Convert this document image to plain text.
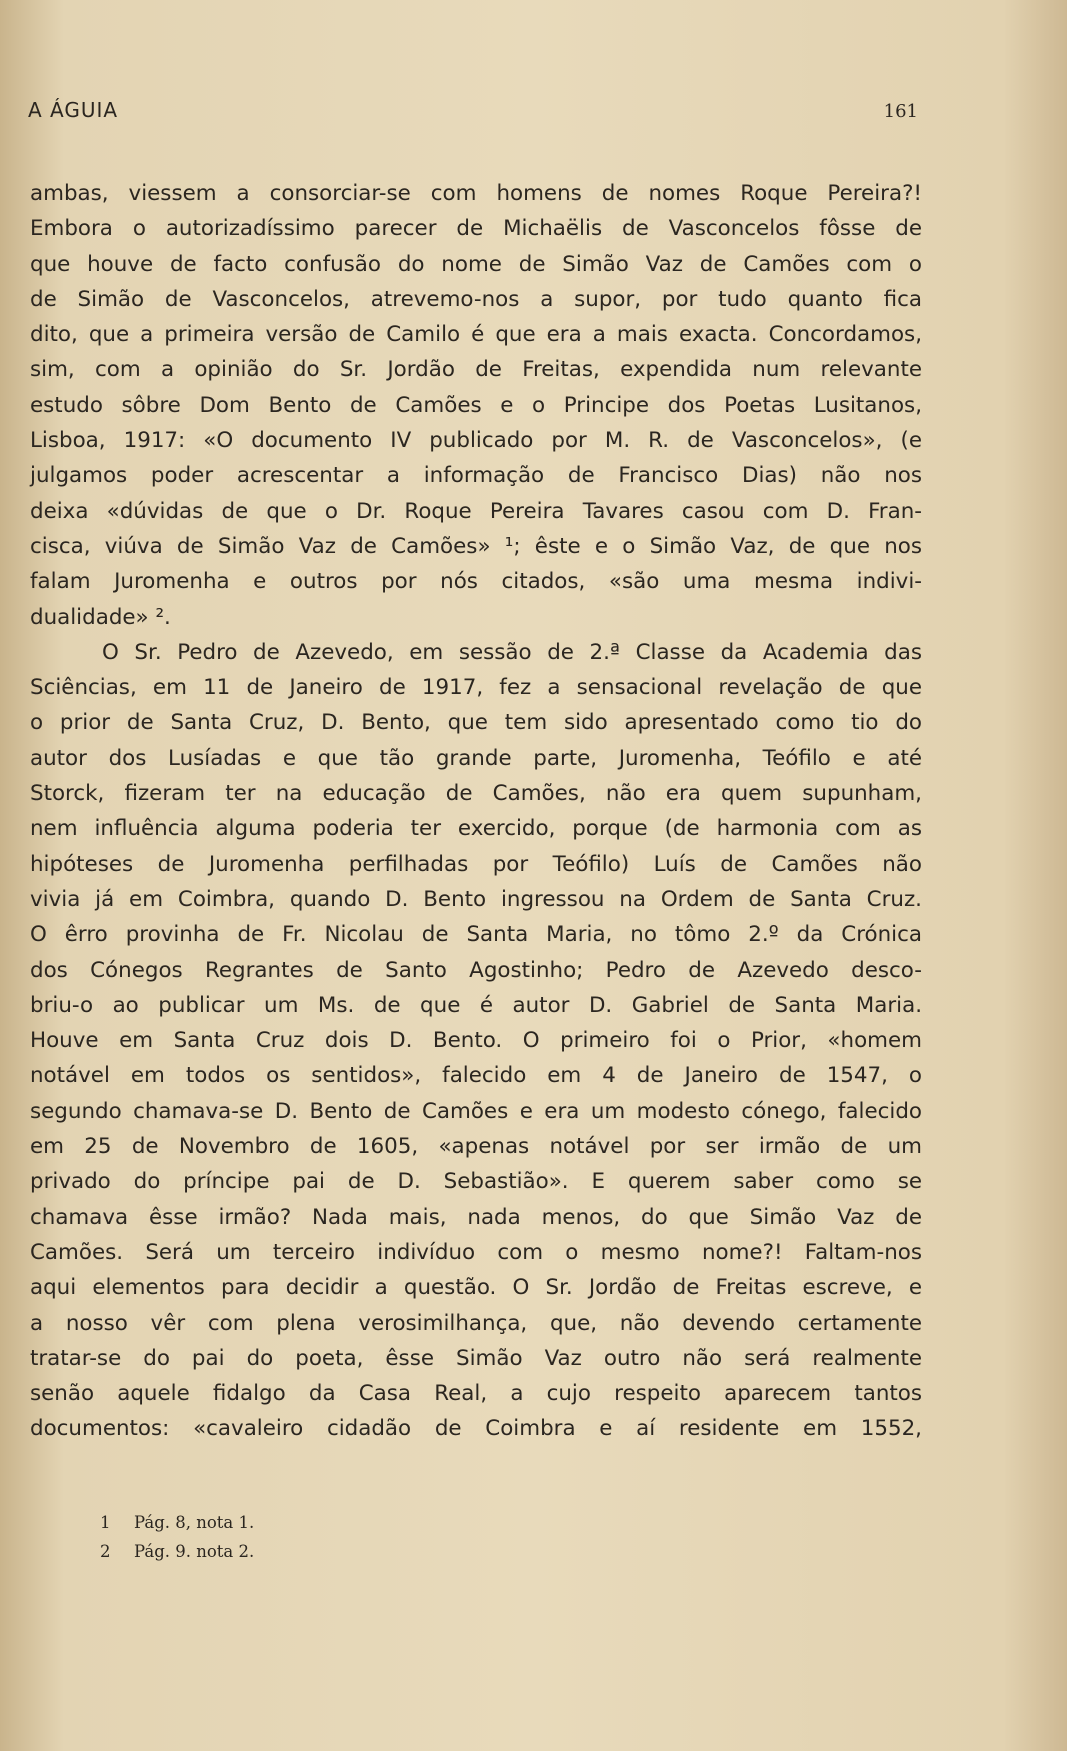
A ÁGUIA	161
ambas, viessem a consorciar-se com homens de nomes Roque Pereira?!
Embora o autorizadíssimo parecer de Michaëlis de Vasconcelos fôsse de
que houve de facto confusão do nome de Simão Vaz de Camões com o
de Simão de Vasconcelos, atrevemo-nos a supor, por tudo quanto fica
dito, que a primeira versão de Camilo é que era a mais exacta. Concordamos,
sim, com a opinião do Sr. Jordão de Freitas, expendida num relevante
estudo sôbre Dom Bento de Camões e o Principe dos Poetas Lusitanos,
Lisboa, 1917: «O documento IV publicado por M. R. de Vasconcelos», (e
julgamos poder acrescentar a informação de Francisco Dias) não nos
deixa «dúvidas de que o Dr. Roque Pereira Tavares casou com D. Fran-
cisca, viúva de Simão Vaz de Camões» ¹; êste e o Simão Vaz, de que nos
falam Juromenha e outros por nós citados, «são uma mesma indivi-
dualidade» ².
O Sr. Pedro de Azevedo, em sessão de 2.ª Classe da Academia das
Sciências, em 11 de Janeiro de 1917, fez a sensacional revelação de que
o prior de Santa Cruz, D. Bento, que tem sido apresentado como tio do
autor dos Lusíadas e que tão grande parte, Juromenha, Teófilo e até
Storck, fizeram ter na educação de Camões, não era quem supunham,
nem influência alguma poderia ter exercido, porque (de harmonia com as
hipóteses de Juromenha perfilhadas por Teófilo) Luís de Camões não
vivia já em Coimbra, quando D. Bento ingressou na Ordem de Santa Cruz.
O êrro provinha de Fr. Nicolau de Santa Maria, no tômo 2.º da Crónica
dos Cónegos Regrantes de Santo Agostinho; Pedro de Azevedo desco-
briu-o ao publicar um Ms. de que é autor D. Gabriel de Santa Maria.
Houve em Santa Cruz dois D. Bento. O primeiro foi o Prior, «homem
notável em todos os sentidos», falecido em 4 de Janeiro de 1547, o
segundo chamava-se D. Bento de Camões e era um modesto cónego, falecido
em 25 de Novembro de 1605, «apenas notável por ser irmão de um
privado do príncipe pai de D. Sebastião». E querem saber como se
chamava êsse irmão? Nada mais, nada menos, do que Simão Vaz de
Camões. Será um terceiro indivíduo com o mesmo nome?! Faltam-nos
aqui elementos para decidir a questão. O Sr. Jordão de Freitas escreve, e
a nosso vêr com plena verosimilhança, que, não devendo certamente
tratar-se do pai do poeta, êsse Simão Vaz outro não será realmente
senão aquele fidalgo da Casa Real, a cujo respeito aparecem tantos
documentos: «cavaleiro cidadão de Coimbra e aí residente em 1552,
1 Pág. 8, nota 1.
2 Pág. 9. nota 2.
